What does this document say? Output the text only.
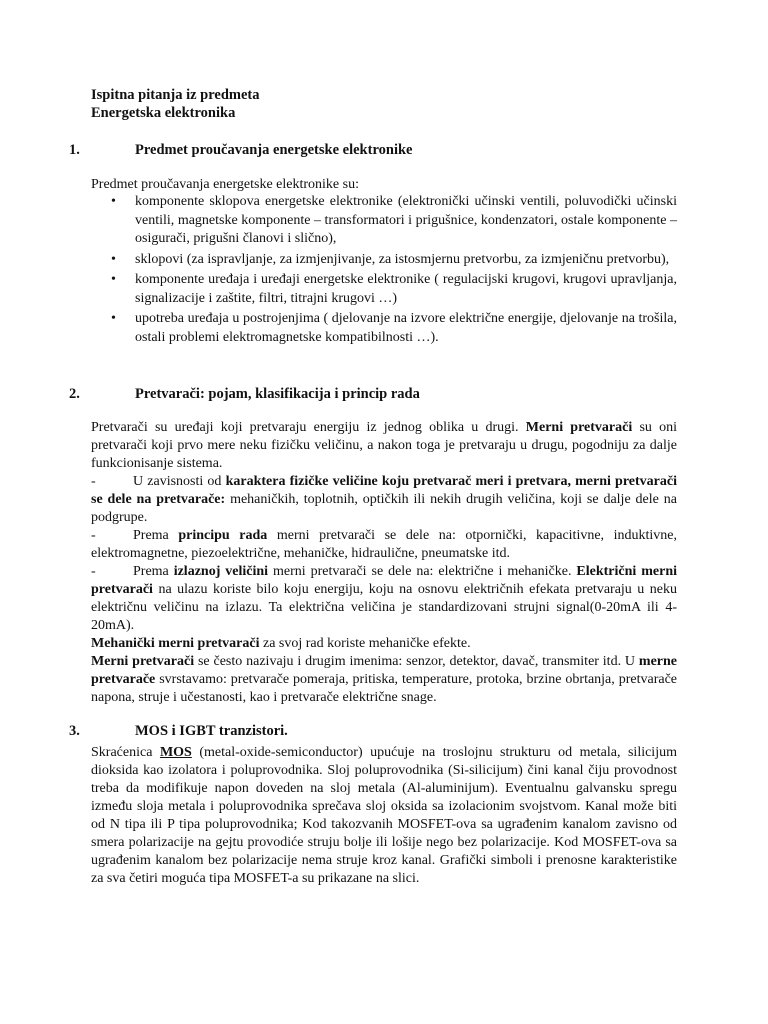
Ispitna pitanja iz predmeta
Energetska elektronika
1.	Predmet proučavanja energetske elektronike
Predmet proučavanja energetske elektronike su:
• komponente sklopova energetske elektronike (elektronički učinski ventili, poluvodički učinski ventili, magnetske komponente – transformatori i prigušnice, kondenzatori, ostale komponente – osigurači, prigušni članovi i slično),
• sklopovi (za ispravljanje, za izmjenjivanje, za istosmjernu pretvorbu, za izmjeničnu pretvorbu),
• komponente uređaja i uređaji energetske elektronike ( regulacijski krugovi, krugovi upravljanja, signalizacije i zaštite, filtri, titrajni krugovi …)
• upotreba uređaja u postrojenjima ( djelovanje na izvore električne energije, djelovanje na trošila, ostali problemi elektromagnetske kompatibilnosti …).
2.	Pretvarači: pojam, klasifikacija i princip rada
Pretvarači su uređaji koji pretvaraju energiju iz jednog oblika u drugi. Merni pretvarači su oni pretvarači koji prvo mere neku fizičku veličinu, a nakon toga je pretvaraju u drugu, pogodniju za dalje funkcionisanje sistema.
-	U zavisnosti od karaktera fizičke veličine koju pretvarač meri i pretvara, merni pretvarači se dele na pretvarače: mehaničkih, toplotnih, optičkih ili nekih drugih veličina, koji se dalje dele na podgrupe.
-	Prema principu rada merni pretvarači se dele na: otpornički, kapacitivne, induktivne, elektromagnetne, piezoelektrične, mehaničke, hidraulične, pneumatske itd.
-	Prema izlaznoj veličini merni pretvarači se dele na: električne i mehaničke. Električni merni pretvarači na ulazu koriste bilo koju energiju, koju na osnovu električnih efekata pretvaraju u neku električnu veličinu na izlazu. Ta električna veličina je standardizovani strujni signal(0-20mA ili 4-20mA).
Mehanički merni pretvarači za svoj rad koriste mehaničke efekte.
Merni pretvarači se često nazivaju i drugim imenima: senzor, detektor, davač, transmiter itd. U merne pretvarače svrstavamo: pretvarače pomeraja, pritiska, temperature, protoka, brzine obrtanja, pretvarače napona, struje i učestanosti, kao i pretvarače električne snage.
3.	MOS i IGBT tranzistori.
Skraćenica MOS (metal-oxide-semiconductor) upućuje na troslojnu strukturu od metala, silicijum dioksida kao izolatora i poluprovodnika. Sloj poluprovodnika (Si-silicijum) čini kanal čiju provodnost treba da modifikuje napon doveden na sloj metala (Al-aluminijum). Eventualnu galvansku spregu između sloja metala i poluprovodnika sprečava sloj oksida sa izolacionim svojstvom. Kanal može biti od N tipa ili P tipa poluprovodnika; Kod takozvanih MOSFET-ova sa ugrađenim kanalom zavisno od smera polarizacije na gejtu provodiće struju bolje ili lošije nego bez polarizacije. Kod MOSFET-ova sa ugrađenim kanalom bez polarizacije nema struje kroz kanal. Grafički simboli i prenosne karakteristike za sva četiri moguća tipa MOSFET-a su prikazane na slici.
